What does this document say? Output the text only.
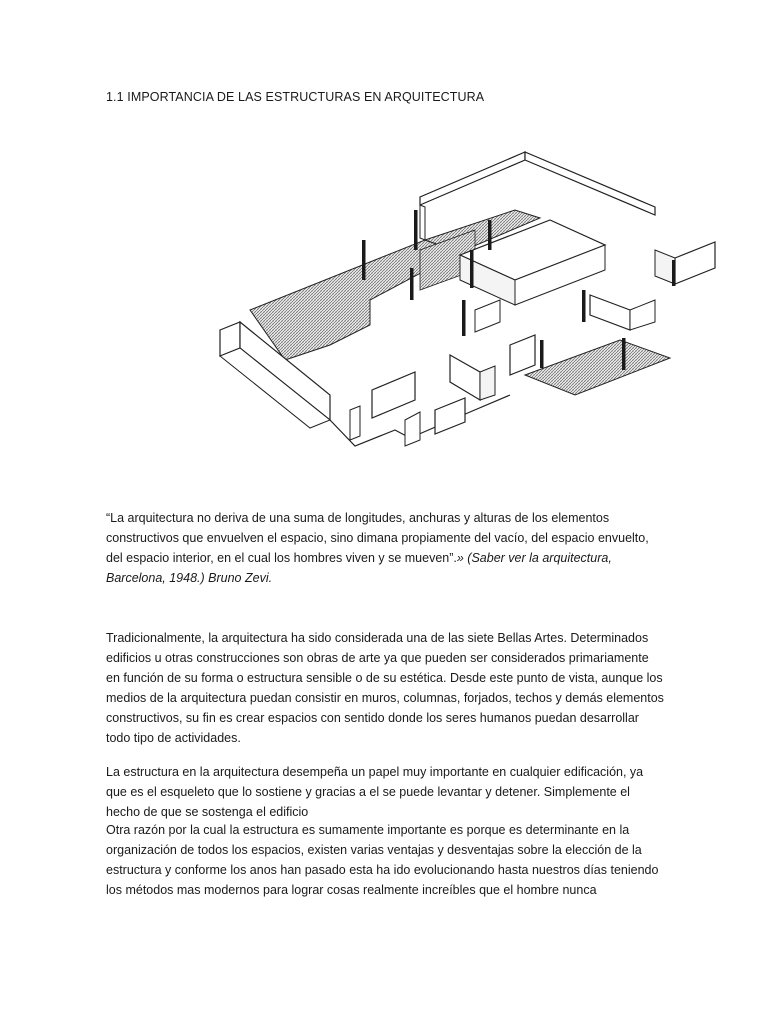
1.1 IMPORTANCIA DE LAS ESTRUCTURAS EN ARQUITECTURA

“La arquitectura no deriva de una suma de longitudes, anchuras y alturas de los elementos constructivos que envuelven el espacio, sino dimana propiamente del vacío, del espacio envuelto, del espacio interior, en el cual los hombres viven y se mueven”.» (Saber ver la arquitectura, Barcelona, 1948.) Bruno Zevi.

Tradicionalmente, la arquitectura ha sido considerada una de las siete Bellas Artes. Determinados edificios u otras construcciones son obras de arte ya que pueden ser considerados primariamente en función de su forma o estructura sensible o de su estética. Desde este punto de vista, aunque los medios de la arquitectura puedan consistir en muros, columnas, forjados, techos y demás elementos constructivos, su fin es crear espacios con sentido donde los seres humanos puedan desarrollar todo tipo de actividades.

La estructura en la arquitectura desempeña un papel muy importante en cualquier edificación, ya que es el esqueleto que lo sostiene y gracias a el se puede levantar y detener. Simplemente el hecho de que se sostenga el edificio

Otra razón por la cual la estructura es sumamente importante es porque es determinante en la organización de todos los espacios, existen varias ventajas y desventajas sobre la elección de la estructura y conforme los anos han pasado esta ha ido evolucionando hasta nuestros días teniendo los métodos mas modernos para lograr cosas realmente increíbles que el hombre nunca
